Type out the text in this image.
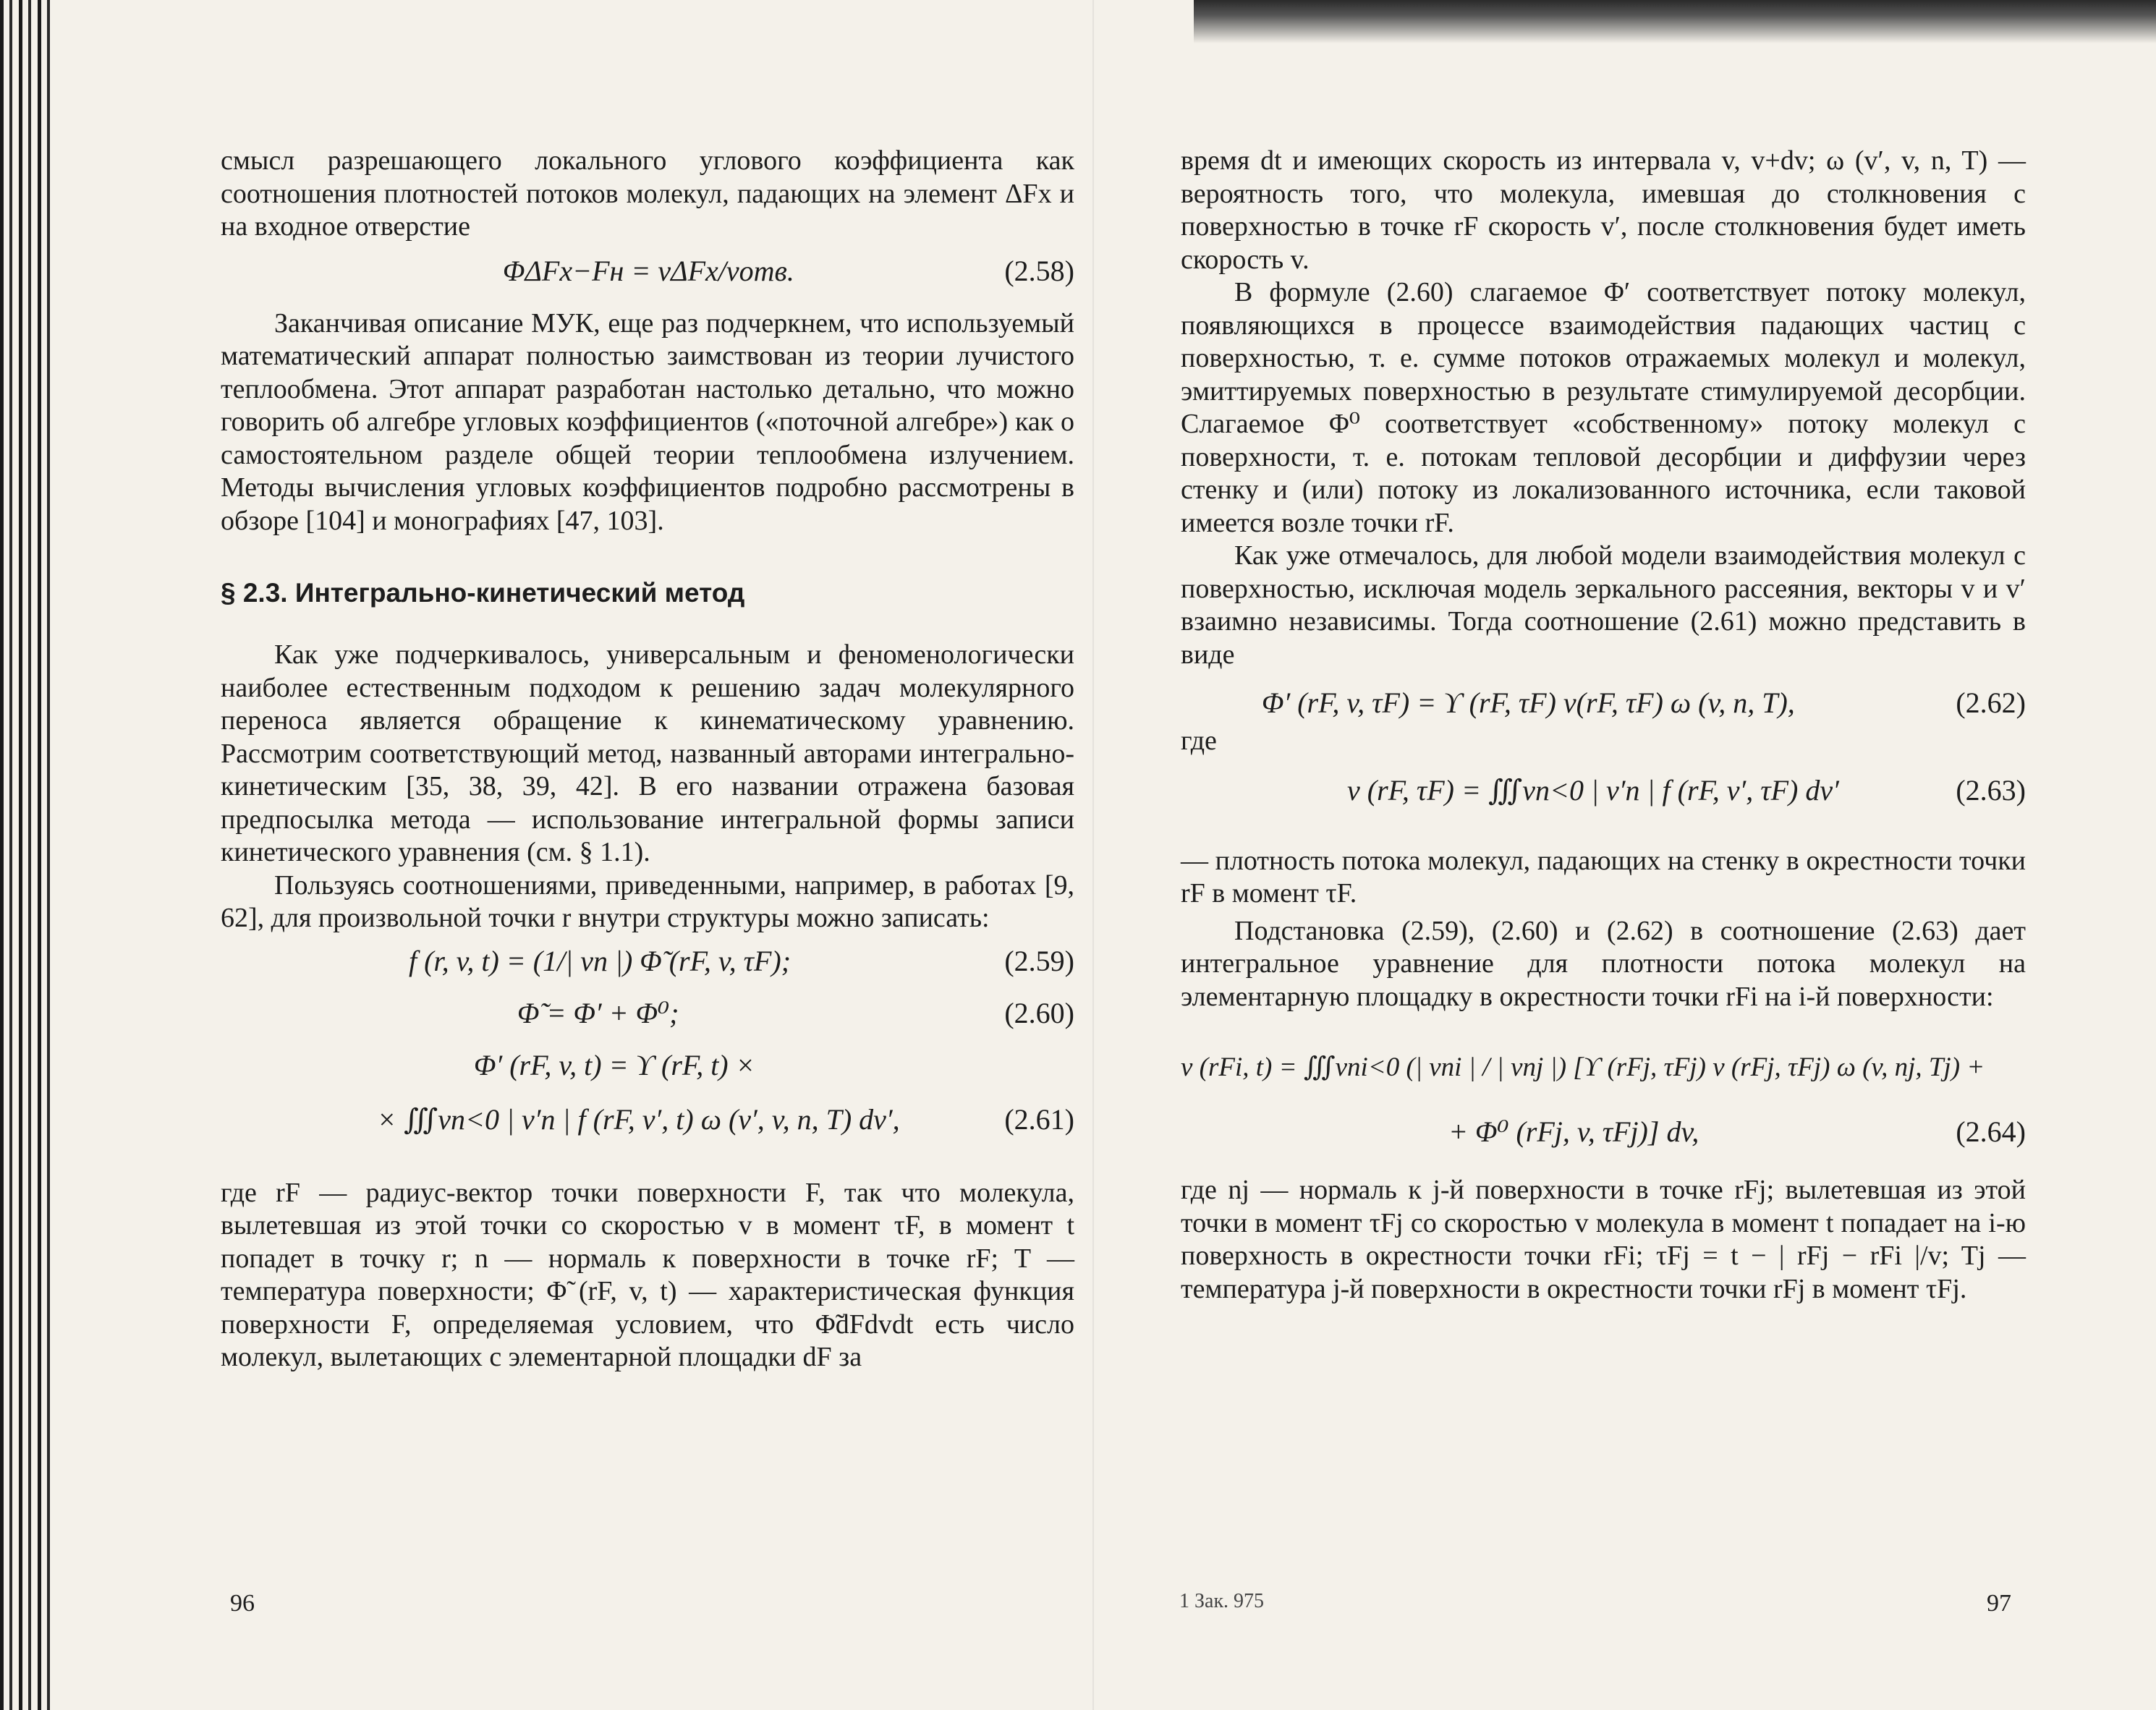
смысл разрешающего локального углового коэффициента как соотношения плотностей потоков молекул, падающих на элемент ΔFx и на входное отверстие

ΦΔFx−Fн = νΔFx/νотв.	(2.58)

Заканчивая описание МУК, еще раз подчеркнем, что используемый математический аппарат полностью заимствован из теории лучистого теплообмена. Этот аппарат разработан настолько детально, что можно говорить об алгебре угловых коэффициентов («поточной алгебре») как о самостоятельном разделе общей теории теплообмена излучением. Методы вычисления угловых коэффициентов подробно рассмотрены в обзоре [104] и монографиях [47, 103].

§ 2.3. Интегрально-кинетический метод

Как уже подчеркивалось, универсальным и феноменологически наиболее естественным подходом к решению задач молекулярного переноса является обращение к кинематическому уравнению. Рассмотрим соответствующий метод, названный авторами интегрально-кинетическим [35, 38, 39, 42]. В его названии отражена базовая предпосылка метода — использование интегральной формы записи кинетического уравнения (см. § 1.1).

Пользуясь соотношениями, приведенными, например, в работах [9, 62], для произвольной точки r внутри структуры можно записать:

f (r, v, t) = (1/| vn |) Φ̃ (rF, v, τF);	(2.59)
Φ̃ = Φ′ + Φ⁰;	(2.60)
Φ′ (rF, v, t) = ϒ (rF, t) ×
× ∭vn<0 | v′n | f (rF, v′, t) ω (v′, v, n, T) dv′,	(2.61)

где rF — радиус-вектор точки поверхности F, так что молекула, вылетевшая из этой точки со скоростью v в момент τF, в момент t попадет в точку r; n — нормаль к поверхности в точке rF; T — температура поверхности; Φ̃ (rF, v, t) — характеристическая функция поверхности F, определяемая условием, что Φ̃dFdvdt есть число молекул, вылетающих с элементарной площадки dF за

96

время dt и имеющих скорость из интервала v, v+dv; ω (v′, v, n, T) — вероятность того, что молекула, имевшая до столкновения с поверхностью в точке rF скорость v′, после столкновения будет иметь скорость v.

В формуле (2.60) слагаемое Φ′ соответствует потоку молекул, появляющихся в процессе взаимодействия падающих частиц с поверхностью, т. е. сумме потоков отражаемых молекул и молекул, эмиттируемых поверхностью в результате стимулируемой десорбции. Слагаемое Φ⁰ соответствует «собственному» потоку молекул с поверхности, т. е. потокам тепловой десорбции и диффузии через стенку и (или) потоку из локализованного источника, если таковой имеется возле точки rF.

Как уже отмечалось, для любой модели взаимодействия молекул с поверхностью, исключая модель зеркального рассеяния, векторы v и v′ взаимно независимы. Тогда соотношение (2.61) можно представить в виде

Φ′ (rF, v, τF) = ϒ (rF, τF) ν(rF, τF) ω (v, n, T),	(2.62)

где

ν (rF, τF) = ∭vn<0 | v′n | f (rF, v′, τF) dv′	(2.63)

— плотность потока молекул, падающих на стенку в окрестности точки rF в момент τF.

Подстановка (2.59), (2.60) и (2.62) в соотношение (2.63) дает интегральное уравнение для плотности потока молекул на элементарную площадку в окрестности точки rFi на i-й поверхности:

ν (rFi, t) = ∭vni<0 (| vni | / | vnj |) [ϒ (rFj, τFj) ν (rFj, τFj) ω (v, nj, Tj) +
+ Φ⁰ (rFj, v, τFj)] dv,	(2.64)

где nj — нормаль к j-й поверхности в точке rFj; вылетевшая из этой точки в момент τFj со скоростью v молекула в момент t попадает на i-ю поверхность в окрестности точки rFi; τFj = t − | rFj − rFi |/v; Tj — температура j-й поверхности в окрестности точки rFj в момент τFj.

1 Зак. 975	97
